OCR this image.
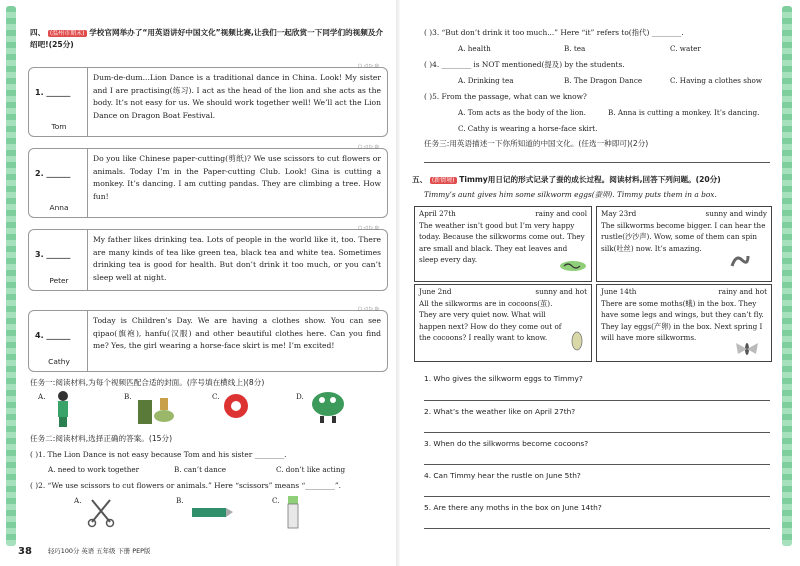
四、 (温州市期末) 学校官网举办了“用英语讲好中国文化”视频比赛,让我们一起欣赏一下同学们的视频及介绍吧!(25分)
○ ◁ ▷ ◎
1. ______
Tom
Dum-de-dum...Lion Dance is a traditional dance in China. Look! My sister and I are practising(练习). I act as the head of the lion and she acts as the body. It’s not easy for us. We should work together well! We’ll act the Lion Dance on Dragon Boat Festival.
○ ◁ ▷ ◎
2. ______
Anna
Do you like Chinese paper-cutting(剪纸)? We use scissors to cut flowers or animals. Today I’m in the Paper-cutting Club. Look! Gina is cutting a monkey. It’s dancing. I am cutting pandas. They are climbing a tree. How fun!
○ ◁ ▷ ◎
3. ______
Peter
My father likes drinking tea. Lots of people in the world like it, too. There are many kinds of tea like green tea, black tea and white tea. Sometimes drinking tea is good for health. But don’t drink it too much, or you can’t sleep well at night.
○ ◁ ▷ ◎
4. ______
Cathy
Today is Children’s Day. We are having a clothes show. You can see qipao(旗袍), hanfu(汉服) and other beautiful clothes here. Can you find me? Yes, the girl wearing a horse-face skirt is me! I’m excited!
任务一:阅读材料,为每个视频匹配合适的封面。(序号填在横线上)(8分)
A.	B.	C.	D.
任务二:阅读材料,选择正确的答案。(15分)
( )1. The Lion Dance is not easy because Tom and his sister ________.
A. need to work together	B. can’t dance	C. don’t like acting
( )2. “We use scissors to cut flowers or animals.” Here “scissors” means “________”.
A.	B.	C.
38	轻巧100分 英语 五年级 下册 PEP版
( )3. “But don’t drink it too much...” Here “it” refers to(指代) ________.
A. health	B. tea	C. water
( )4. ________ is NOT mentioned(提及) by the students.
A. Drinking tea	B. The Dragon Dance	C. Having a clothes show
( )5. From the passage, what can we know?
A. Tom acts as the body of the lion.	B. Anna is cutting a monkey. It’s dancing.
C. Cathy is wearing a horse-face skirt.
任务三:用英语描述一下你所知道的中国文化。(任选一种即可)(2分)
五、 (新情境) Timmy用日记的形式记录了蚕的成长过程。阅读材料,回答下列问题。(20分)
Timmy’s aunt gives him some silkworm eggs(蚕卵). Timmy puts them in a box.
April 27th	rainy and cool
The weather isn’t good but I’m very happy today. Because the silkworms come out. They are small and black. They eat leaves and sleep every day.
May 23rd	sunny and windy
The silkworms become bigger. I can hear the rustle(沙沙声). Wow, some of them can spin silk(吐丝) now. It’s amazing.
June 2nd	sunny and hot
All the silkworms are in cocoons(茧). They are very quiet now. What will happen next? How do they come out of the cocoons? I really want to know.
June 14th	rainy and hot
There are some moths(蛾) in the box. They have some legs and wings, but they can’t fly. They lay eggs(产卵) in the box. Next spring I will have more silkworms.
1. Who gives the silkworm eggs to Timmy?
2. What’s the weather like on April 27th?
3. When do the silkworms become cocoons?
4. Can Timmy hear the rustle on June 5th?
5. Are there any moths in the box on June 14th?
